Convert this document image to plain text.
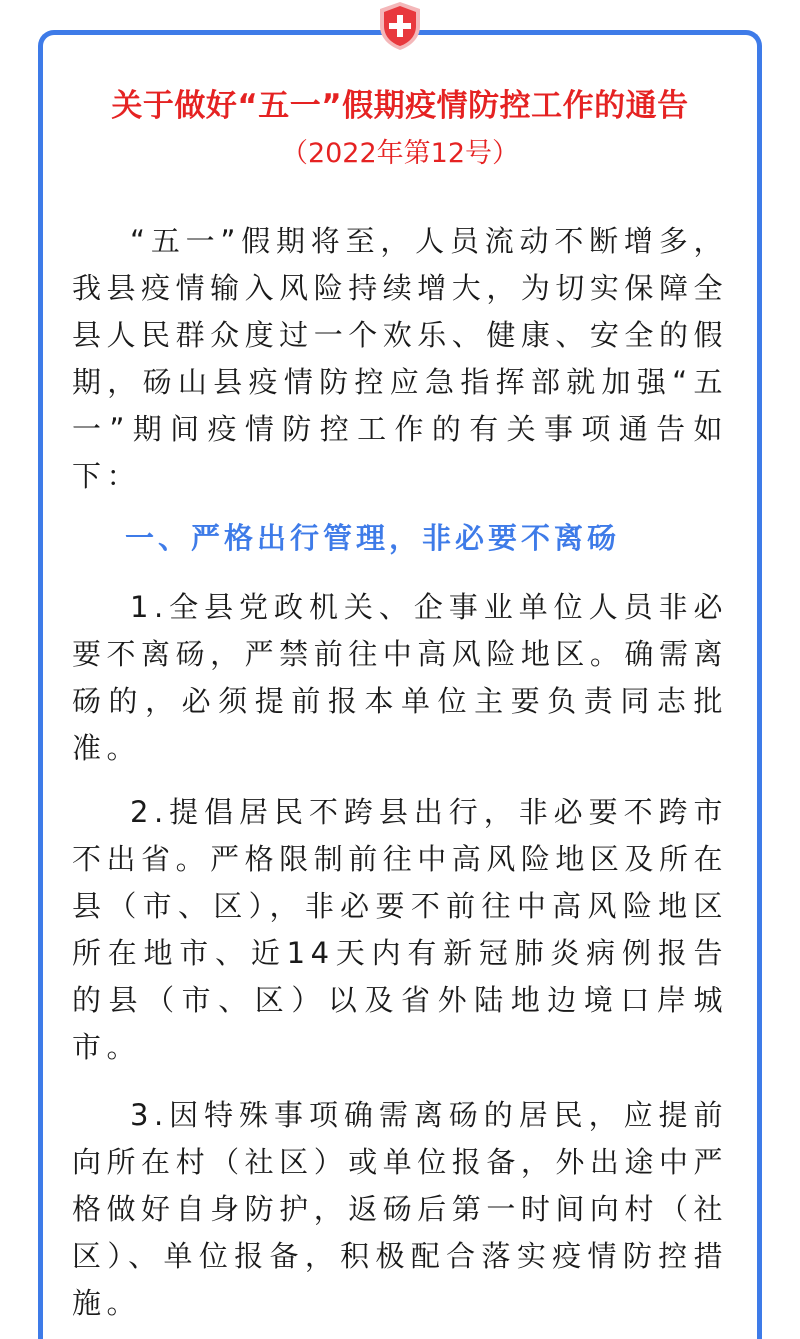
关于做好“五一”假期疫情防控工作的通告

（2022年第12号）

“五一”假期将至，人员流动不断增多，我县疫情输入风险持续增大，为切实保障全县人民群众度过一个欢乐、健康、安全的假期，砀山县疫情防控应急指挥部就加强“五一”期间疫情防控工作的有关事项通告如下：

一、严格出行管理，非必要不离砀

1.全县党政机关、企事业单位人员非必要不离砀，严禁前往中高风险地区。确需离砀的，必须提前报本单位主要负责同志批准。

2.提倡居民不跨县出行，非必要不跨市不出省。严格限制前往中高风险地区及所在县（市、区），非必要不前往中高风险地区所在地市、近14天内有新冠肺炎病例报告的县（市、区）以及省外陆地边境口岸城市。

3.因特殊事项确需离砀的居民，应提前向所在村（社区）或单位报备，外出途中严格做好自身防护，返砀后第一时间向村（社区）、单位报备，积极配合落实疫情防控措施。
